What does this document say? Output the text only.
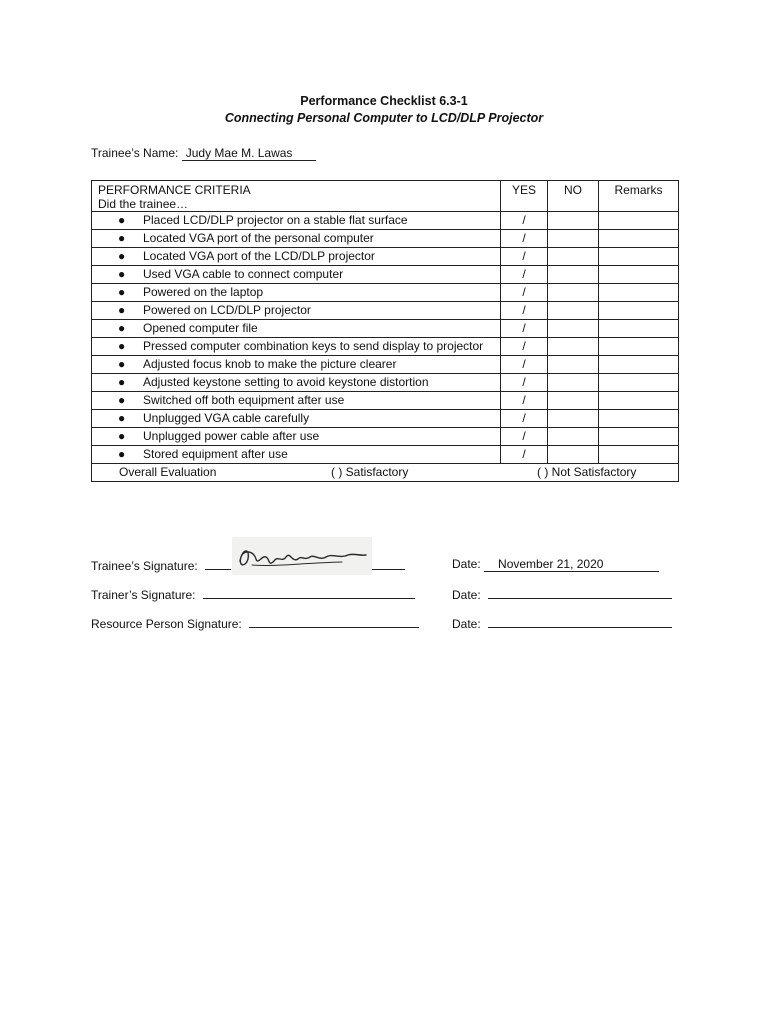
Performance Checklist 6.3-1
Connecting Personal Computer to LCD/DLP Projector
Trainee’s Name: Judy Mae M. Lawas
PERFORMANCE CRITERIA
Did the trainee…	YES	NO	Remarks

● Placed LCD/DLP projector on a stable flat surface	/		

● Located VGA port of the personal computer	/		

● Located VGA port of the LCD/DLP projector	/		

● Used VGA cable to connect computer	/		

● Powered on the laptop	/		

● Powered on LCD/DLP projector	/		

● Opened computer file	/		

● Pressed computer combination keys to send display to projector	/		

● Adjusted focus knob to make the picture clearer	/		

● Adjusted keystone setting to avoid keystone distortion	/		

● Switched off both equipment after use	/		

● Unplugged VGA cable carefully	/		

● Unplugged power cable after use	/		

● Stored equipment after use	/		

Overall Evaluation ( ) Satisfactory ( ) Not Satisfactory			

Trainee’s Signature:	Date: November 21, 2020
Trainer’s Signature:	Date:
Resource Person Signature:	Date:
